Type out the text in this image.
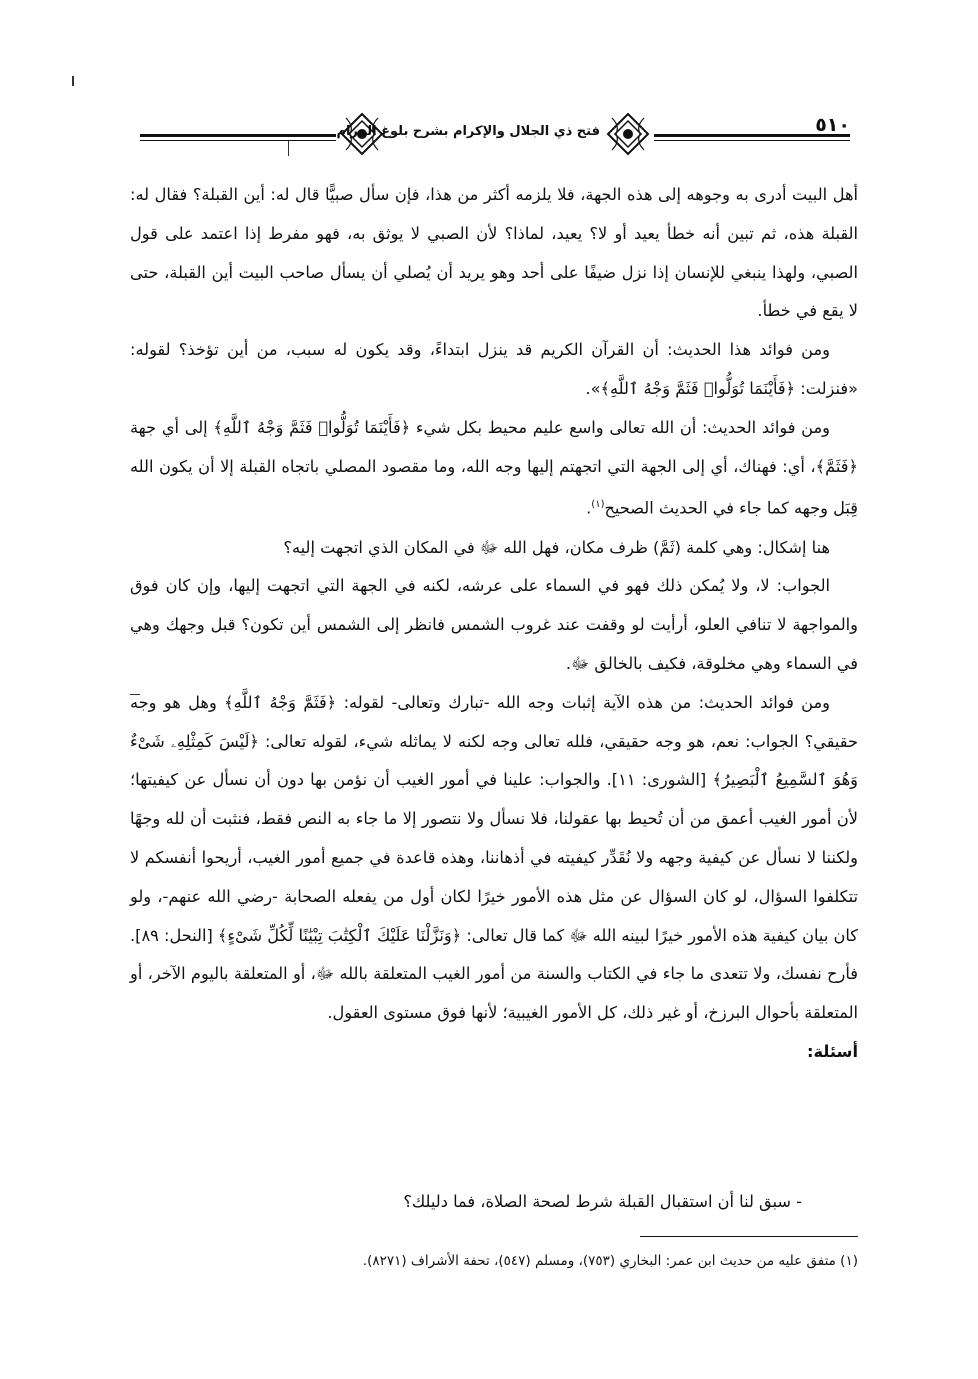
فتح ذي الجلال والإكرام بشرح بلوغ المرام	٥١٠

أهل البيت أدرى به وجوهه إلى هذه الجهة، فلا يلزمه أكثر من هذا، فإن سأل صبيًّا قال له: أين القبلة؟ فقال له: القبلة هذه، ثم تبين أنه خطأ يعيد أو لا؟ يعيد، لماذا؟ لأن الصبي لا يوثق به، فهو مفرط إذا اعتمد على قول الصبي، ولهذا ينبغي للإنسان إذا نزل ضيفًا على أحد وهو يريد أن يُصلي أن يسأل صاحب البيت أين القبلة، حتى لا يقع في خطأ.

ومن فوائد هذا الحديث: أن القرآن الكريم قد ينزل ابتداءً، وقد يكون له سبب، من أين تؤخذ؟ لقوله: «فنزلت: ﴿فَأَيْنَمَا تُوَلُّوا۟ فَثَمَّ وَجْهُ ٱللَّهِ﴾».

ومن فوائد الحديث: أن الله تعالى واسع عليم محيط بكل شيء ﴿فَأَيْنَمَا تُوَلُّوا۟ فَثَمَّ وَجْهُ ٱللَّهِ﴾ إلى أي جهة ﴿فَثَمَّ﴾، أي: فهناك، أي إلى الجهة التي اتجهتم إليها وجه الله، وما مقصود المصلي باتجاه القبلة إلا أن يكون الله قِبَل وجهه كما جاء في الحديث الصحيح$^{(١)}$.

هنا إشكال: وهي كلمة (ثَمَّ) ظرف مكان، فهل الله ﷻ في المكان الذي اتجهت إليه؟

الجواب: لا، ولا يُمكن ذلك فهو في السماء على عرشه، لكنه في الجهة التي اتجهت إليها، وإن كان فوق والمواجهة لا تنافي العلو، أرأيت لو وقفت عند غروب الشمس فانظر إلى الشمس أين تكون؟ قبل وجهك وهي في السماء وهي مخلوقة، فكيف بالخالق ﷻ.

ومن فوائد الحديث: من هذه الآية إثبات وجه الله -تبارك وتعالى- لقوله: ﴿فَثَمَّ وَجْهُ ٱللَّهِ﴾ وهل هو وجه حقيقي؟ الجواب: نعم، هو وجه حقيقي، فلله تعالى وجه لكنه لا يماثله شيء، لقوله تعالى: ﴿لَيْسَ كَمِثْلِهِۦ شَىْءٌ وَهُوَ ٱلسَّمِيعُ ٱلْبَصِيرُ﴾ [الشورى: ١١]. والجواب: علينا في أمور الغيب أن نؤمن بها دون أن نسأل عن كيفيتها؛ لأن أمور الغيب أعمق من أن تُحيط بها عقولنا، فلا نسأل ولا نتصور إلا ما جاء به النص فقط، فنثبت أن لله وجهًا ولكننا لا نسأل عن كيفية وجهه ولا نُقَدِّر كيفيته في أذهاننا، وهذه قاعدة في جميع أمور الغيب، أريحوا أنفسكم لا تتكلفوا السؤال، لو كان السؤال عن مثل هذه الأمور خيرًا لكان أول من يفعله الصحابة -رضي الله عنهم-، ولو كان بيان كيفية هذه الأمور خيرًا لبينه الله ﷻ كما قال تعالى: ﴿وَنَزَّلْنَا عَلَيْكَ ٱلْكِتَٰبَ تِبْيَٰنًا لِّكُلِّ شَىْءٍ﴾ [النحل: ٨٩]. فأرح نفسك، ولا تتعدى ما جاء في الكتاب والسنة من أمور الغيب المتعلقة بالله ﷻ، أو المتعلقة باليوم الآخر، أو المتعلقة بأحوال البرزخ، أو غير ذلك، كل الأمور الغيبية؛ لأنها فوق مستوى العقول.

أسئلة:

- سبق لنا أن استقبال القبلة شرط لصحة الصلاة، فما دليلك؟
(١) متفق عليه من حديث ابن عمر: البخاري (٧٥٣)، ومسلم (٥٤٧)، تحفة الأشراف (٨٢٧١).
